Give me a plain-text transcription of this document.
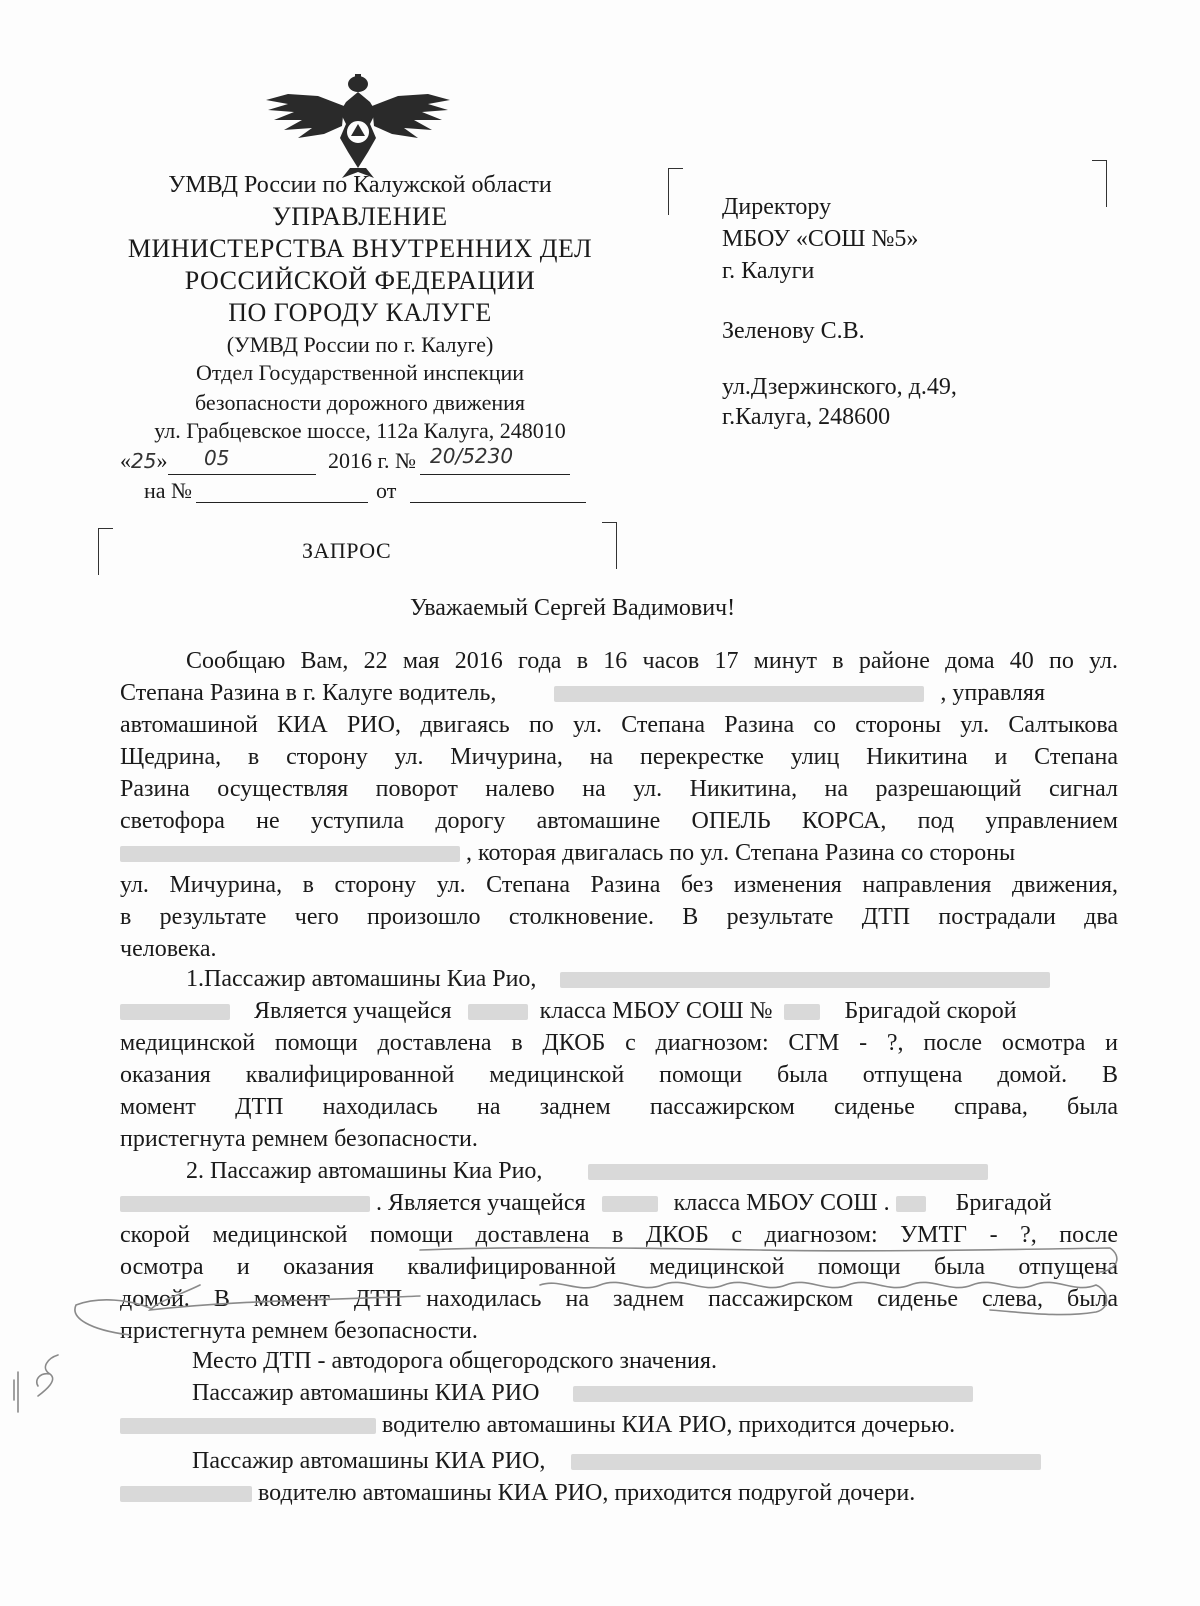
УМВД России по Калужской области
УПРАВЛЕНИЕ
МИНИСТЕРСТВА ВНУТРЕННИХ ДЕЛ
РОССИЙСКОЙ ФЕДЕРАЦИИ
ПО ГОРОДУ КАЛУГЕ
(УМВД России по г. Калуге)
Отдел Государственной инспекции
безопасности дорожного движения
ул. Грабцевское шоссе, 112а Калуга, 248010
«25» 05	2016 г. № 20/5230
на №	от
Директору
МБОУ «СОШ №5»
г. Калуги
Зеленову С.В.
ул.Дзержинского, д.49,
г.Калуга, 248600
ЗАПРОС
Уважаемый Сергей Вадимович!
Сообщаю Вам, 22 мая 2016 года в 16 часов 17 минут в районе дома 40 по ул.
Степана Разина в г. Калуге водитель,	, управляя
автомашиной КИА РИО, двигаясь по ул. Степана Разина со стороны ул. Салтыкова
Щедрина, в сторону ул. Мичурина, на перекрестке улиц Никитина и Степана
Разина осуществляя поворот налево на ул. Никитина, на разрешающий сигнал
светофора не уступила дорогу автомашине ОПЕЛЬ КОРСА, под управлением
, которая двигалась по ул. Степана Разина со стороны
ул. Мичурина, в сторону ул. Степана Разина без изменения направления движения,
в результате чего произошло столкновение. В результате ДТП пострадали два
человека.
1.Пассажир автомашины Киа Рио,
Является учащейся	класса МБОУ СОШ №	Бригадой скорой
медицинской помощи доставлена в ДКОБ с диагнозом: СГМ - ?, после осмотра и
оказания квалифицированной медицинской помощи была отпущена домой. В
момент ДТП находилась на заднем пассажирском сиденье справа, была
пристегнута ремнем безопасности.
2. Пассажир автомашины Киа Рио,
. Является учащейся	класса МБОУ СОШ .	Бригадой
скорой медицинской помощи доставлена в ДКОБ с диагнозом: УМТГ - ?, после
осмотра и оказания квалифицированной медицинской помощи была отпущена
домой. В момент ДТП находилась на заднем пассажирском сиденье слева, была
пристегнута ремнем безопасности.
Место ДТП - автодорога общегородского значения.
Пассажир автомашины КИА РИО
водителю автомашины КИА РИО, приходится дочерью.
Пассажир автомашины КИА РИО,
водителю автомашины КИА РИО, приходится подругой дочери.
